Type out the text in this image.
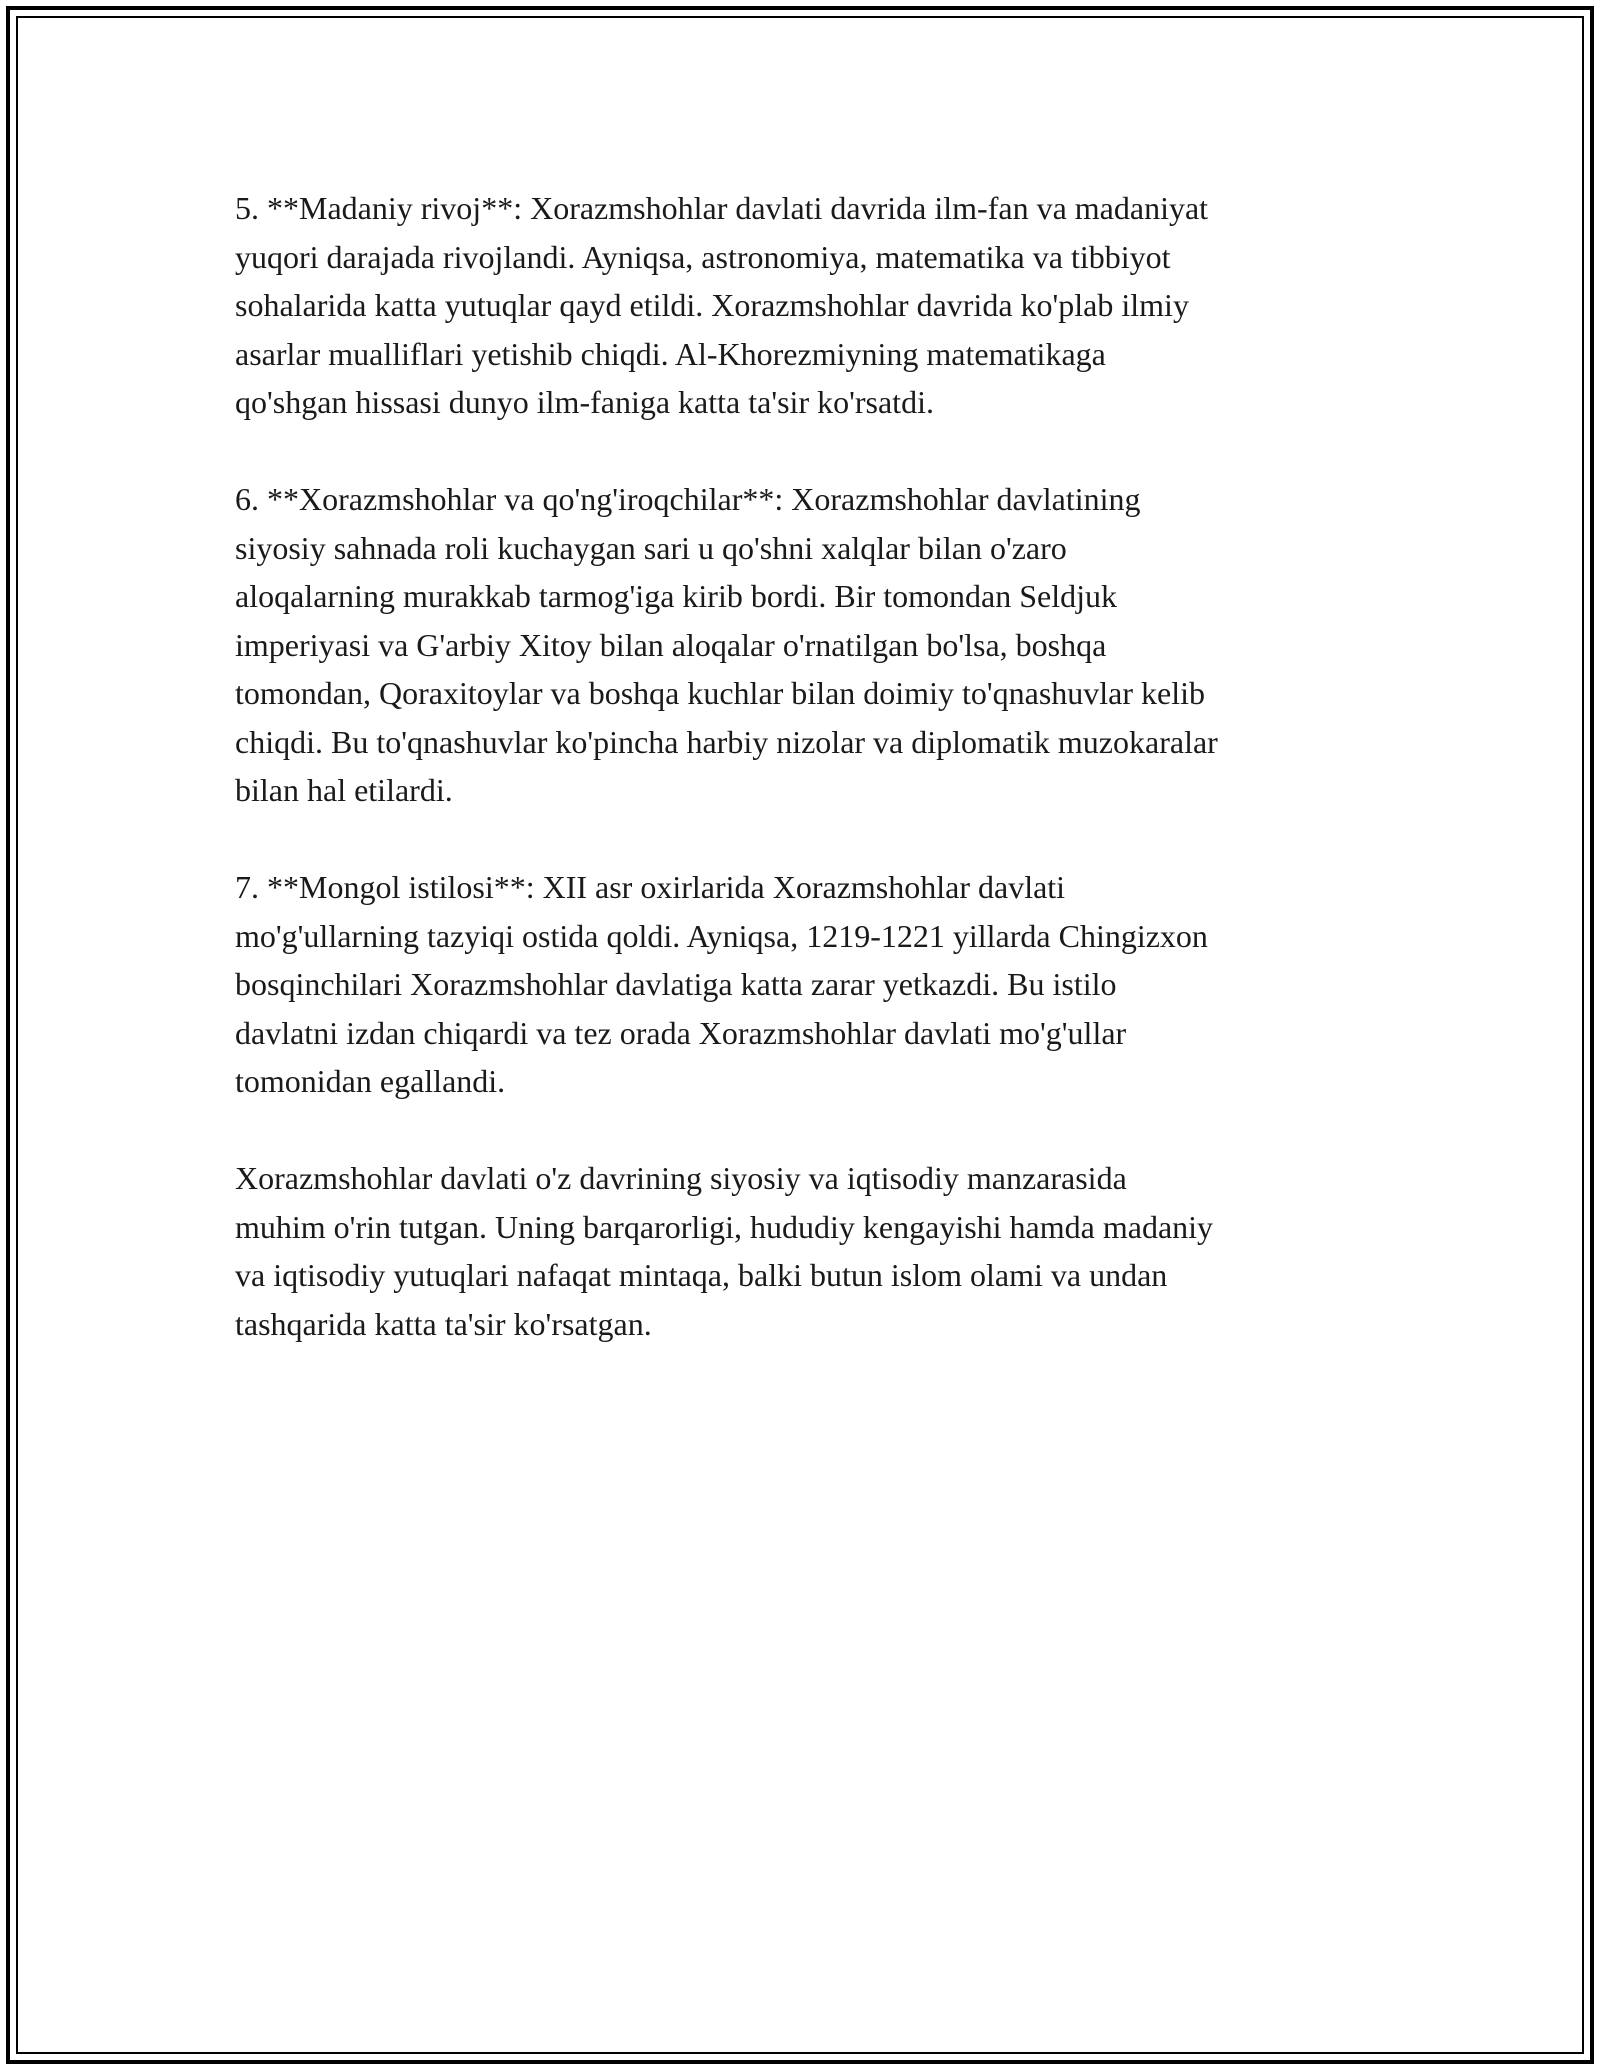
5. **Madaniy rivoj**: Xorazmshohlar davlati davrida ilm-fan va madaniyat
yuqori darajada rivojlandi. Ayniqsa, astronomiya, matematika va tibbiyot
sohalarida katta yutuqlar qayd etildi. Xorazmshohlar davrida ko'plab ilmiy
asarlar mualliflari yetishib chiqdi. Al-Khorezmiyning matematikaga
qo'shgan hissasi dunyo ilm-faniga katta ta'sir ko'rsatdi.

6. **Xorazmshohlar va qo'ng'iroqchilar**: Xorazmshohlar davlatining
siyosiy sahnada roli kuchaygan sari u qo'shni xalqlar bilan o'zaro
aloqalarning murakkab tarmog'iga kirib bordi. Bir tomondan Seldjuk
imperiyasi va G'arbiy Xitoy bilan aloqalar o'rnatilgan bo'lsa, boshqa
tomondan, Qoraxitoylar va boshqa kuchlar bilan doimiy to'qnashuvlar kelib
chiqdi. Bu to'qnashuvlar ko'pincha harbiy nizolar va diplomatik muzokaralar
bilan hal etilardi.

7. **Mongol istilosi**: XII asr oxirlarida Xorazmshohlar davlati
mo'g'ullarning tazyiqi ostida qoldi. Ayniqsa, 1219-1221 yillarda Chingizxon
bosqinchilari Xorazmshohlar davlatiga katta zarar yetkazdi. Bu istilo
davlatni izdan chiqardi va tez orada Xorazmshohlar davlati mo'g'ullar
tomonidan egallandi.

Xorazmshohlar davlati o'z davrining siyosiy va iqtisodiy manzarasida
muhim o'rin tutgan. Uning barqarorligi, hududiy kengayishi hamda madaniy
va iqtisodiy yutuqlari nafaqat mintaqa, balki butun islom olami va undan
tashqarida katta ta'sir ko'rsatgan.
